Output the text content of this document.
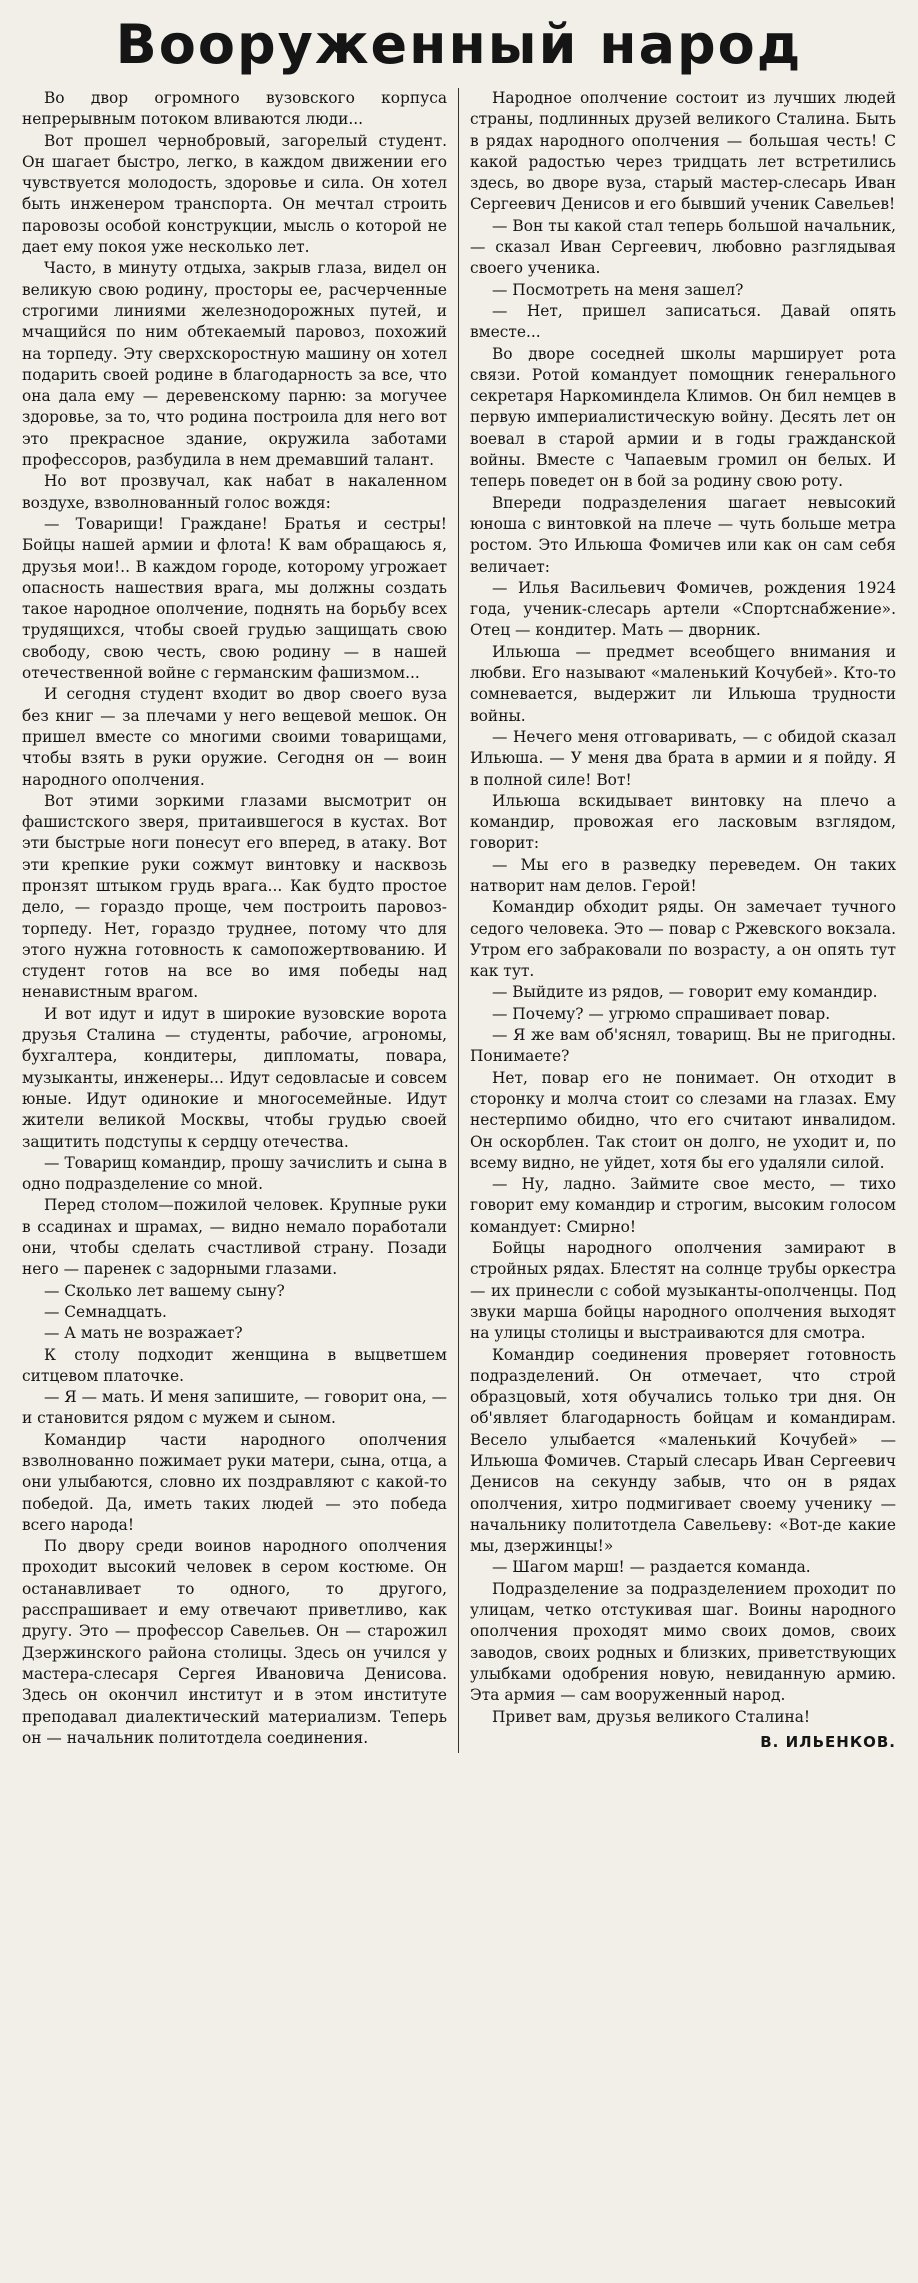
Вооруженный народ

Во двор огромного вузовского корпуса непрерывным потоком вливаются люди...

Вот прошел чернобровый, загорелый студент. Он шагает быстро, легко, в каждом движении его чувствуется молодость, здоровье и сила. Он хотел быть инженером транспорта. Он мечтал строить паровозы особой конструкции, мысль о которой не дает ему покоя уже несколько лет.

Часто, в минуту отдыха, закрыв глаза, видел он великую свою родину, просторы ее, расчерченные строгими линиями железнодорожных путей, и мчащийся по ним обтекаемый паровоз, похожий на торпеду. Эту сверхскоростную машину он хотел подарить своей родине в благодарность за все, что она дала ему — деревенскому парню: за могучее здоровье, за то, что родина построила для него вот это прекрасное здание, окружила заботами профессоров, разбудила в нем дремавший талант.

Но вот прозвучал, как набат в накаленном воздухе, взволнованный голос вождя:

— Товарищи! Граждане! Братья и сестры! Бойцы нашей армии и флота! К вам обращаюсь я, друзья мои!.. В каждом городе, которому угрожает опасность нашествия врага, мы должны создать такое народное ополчение, поднять на борьбу всех трудящихся, чтобы своей грудью защищать свою свободу, свою честь, свою родину — в нашей отечественной войне с германским фашизмом...

И сегодня студент входит во двор своего вуза без книг — за плечами у него вещевой мешок. Он пришел вместе со многими своими товарищами, чтобы взять в руки оружие. Сегодня он — воин народного ополчения.

Вот этими зоркими глазами высмотрит он фашистского зверя, притаившегося в кустах. Вот эти быстрые ноги понесут его вперед, в атаку. Вот эти крепкие руки сожмут винтовку и насквозь пронзят штыком грудь врага... Как будто простое дело, — гораздо проще, чем построить паровоз-торпеду. Нет, гораздо труднее, потому что для этого нужна готовность к самопожертвованию. И студент готов на все во имя победы над ненавистным врагом.

И вот идут и идут в широкие вузовские ворота друзья Сталина — студенты, рабочие, агрономы, бухгалтера, кондитеры, дипломаты, повара, музыканты, инженеры... Идут седовласые и совсем юные. Идут одинокие и многосемейные. Идут жители великой Москвы, чтобы грудью своей защитить подступы к сердцу отечества.

— Товарищ командир, прошу зачислить и сына в одно подразделение со мной.

Перед столом—пожилой человек. Крупные руки в ссадинах и шрамах, — видно немало поработали они, чтобы сделать счастливой страну. Позади него — паренек с задорными глазами.

— Сколько лет вашему сыну?

— Семнадцать.

— А мать не возражает?

К столу подходит женщина в выцветшем ситцевом платочке.

— Я — мать. И меня запишите, — говорит она, — и становится рядом с мужем и сыном.

Командир части народного ополчения взволнованно пожимает руки матери, сына, отца, а они улыбаются, словно их поздравляют с какой-то победой. Да, иметь таких людей — это победа всего народа!

По двору среди воинов народного ополчения проходит высокий человек в сером костюме. Он останавливает то одного, то другого, расспрашивает и ему отвечают приветливо, как другу. Это — профессор Савельев. Он — старожил Дзержинского района столицы. Здесь он учился у мастера-слесаря Сергея Ивановича Денисова. Здесь он окончил институт и в этом институте преподавал диалектический материализм. Теперь он — начальник политотдела соединения.

Народное ополчение состоит из лучших людей страны, подлинных друзей великого Сталина. Быть в рядах народного ополчения — большая честь! С какой радостью через тридцать лет встретились здесь, во дворе вуза, старый мастер-слесарь Иван Сергеевич Денисов и его бывший ученик Савельев!

— Вон ты какой стал теперь большой начальник, — сказал Иван Сергеевич, любовно разглядывая своего ученика.

— Посмотреть на меня зашел?

— Нет, пришел записаться. Давай опять вместе...

Во дворе соседней школы марширует рота связи. Ротой командует помощник генерального секретаря Наркоминдела Климов. Он бил немцев в первую империалистическую войну. Десять лет он воевал в старой армии и в годы гражданской войны. Вместе с Чапаевым громил он белых. И теперь поведет он в бой за родину свою роту.

Впереди подразделения шагает невысокий юноша с винтовкой на плече — чуть больше метра ростом. Это Ильюша Фомичев или как он сам себя величает:

— Илья Васильевич Фомичев, рождения 1924 года, ученик-слесарь артели «Спортснабжение». Отец — кондитер. Мать — дворник.

Ильюша — предмет всеобщего внимания и любви. Его называют «маленький Кочубей». Кто-то сомневается, выдержит ли Ильюша трудности войны.

— Нечего меня отговаривать, — с обидой сказал Ильюша. — У меня два брата в армии и я пойду. Я в полной силе! Вот!

Ильюша вскидывает винтовку на плечо а командир, провожая его ласковым взглядом, говорит:

— Мы его в разведку переведем. Он таких натворит нам делов. Герой!

Командир обходит ряды. Он замечает тучного седого человека. Это — повар с Ржевского вокзала. Утром его забраковали по возрасту, а он опять тут как тут.

— Выйдите из рядов, — говорит ему командир.

— Почему? — угрюмо спрашивает повар.

— Я же вам об'яснял, товарищ. Вы не пригодны. Понимаете?

Нет, повар его не понимает. Он отходит в сторонку и молча стоит со слезами на глазах. Ему нестерпимо обидно, что его считают инвалидом. Он оскорблен. Так стоит он долго, не уходит и, по всему видно, не уйдет, хотя бы его удаляли силой.

— Ну, ладно. Займите свое место, — тихо говорит ему командир и строгим, высоким голосом командует: Смирно!

Бойцы народного ополчения замирают в стройных рядах. Блестят на солнце трубы оркестра — их принесли с собой музыканты-ополченцы. Под звуки марша бойцы народного ополчения выходят на улицы столицы и выстраиваются для смотра.

Командир соединения проверяет готовность подразделений. Он отмечает, что строй образцовый, хотя обучались только три дня. Он об'являет благодарность бойцам и командирам. Весело улыбается «маленький Кочубей» — Ильюша Фомичев. Старый слесарь Иван Сергеевич Денисов на секунду забыв, что он в рядах ополчения, хитро подмигивает своему ученику — начальнику политотдела Савельеву: «Вот-де какие мы, дзержинцы!»

— Шагом марш! — раздается команда.

Подразделение за подразделением проходит по улицам, четко отстукивая шаг. Воины народного ополчения проходят мимо своих домов, своих заводов, своих родных и близких, приветствующих улыбками одобрения новую, невиданную армию. Эта армия — сам вооруженный народ.

Привет вам, друзья великого Сталина!

В. ИЛЬЕНКОВ.
